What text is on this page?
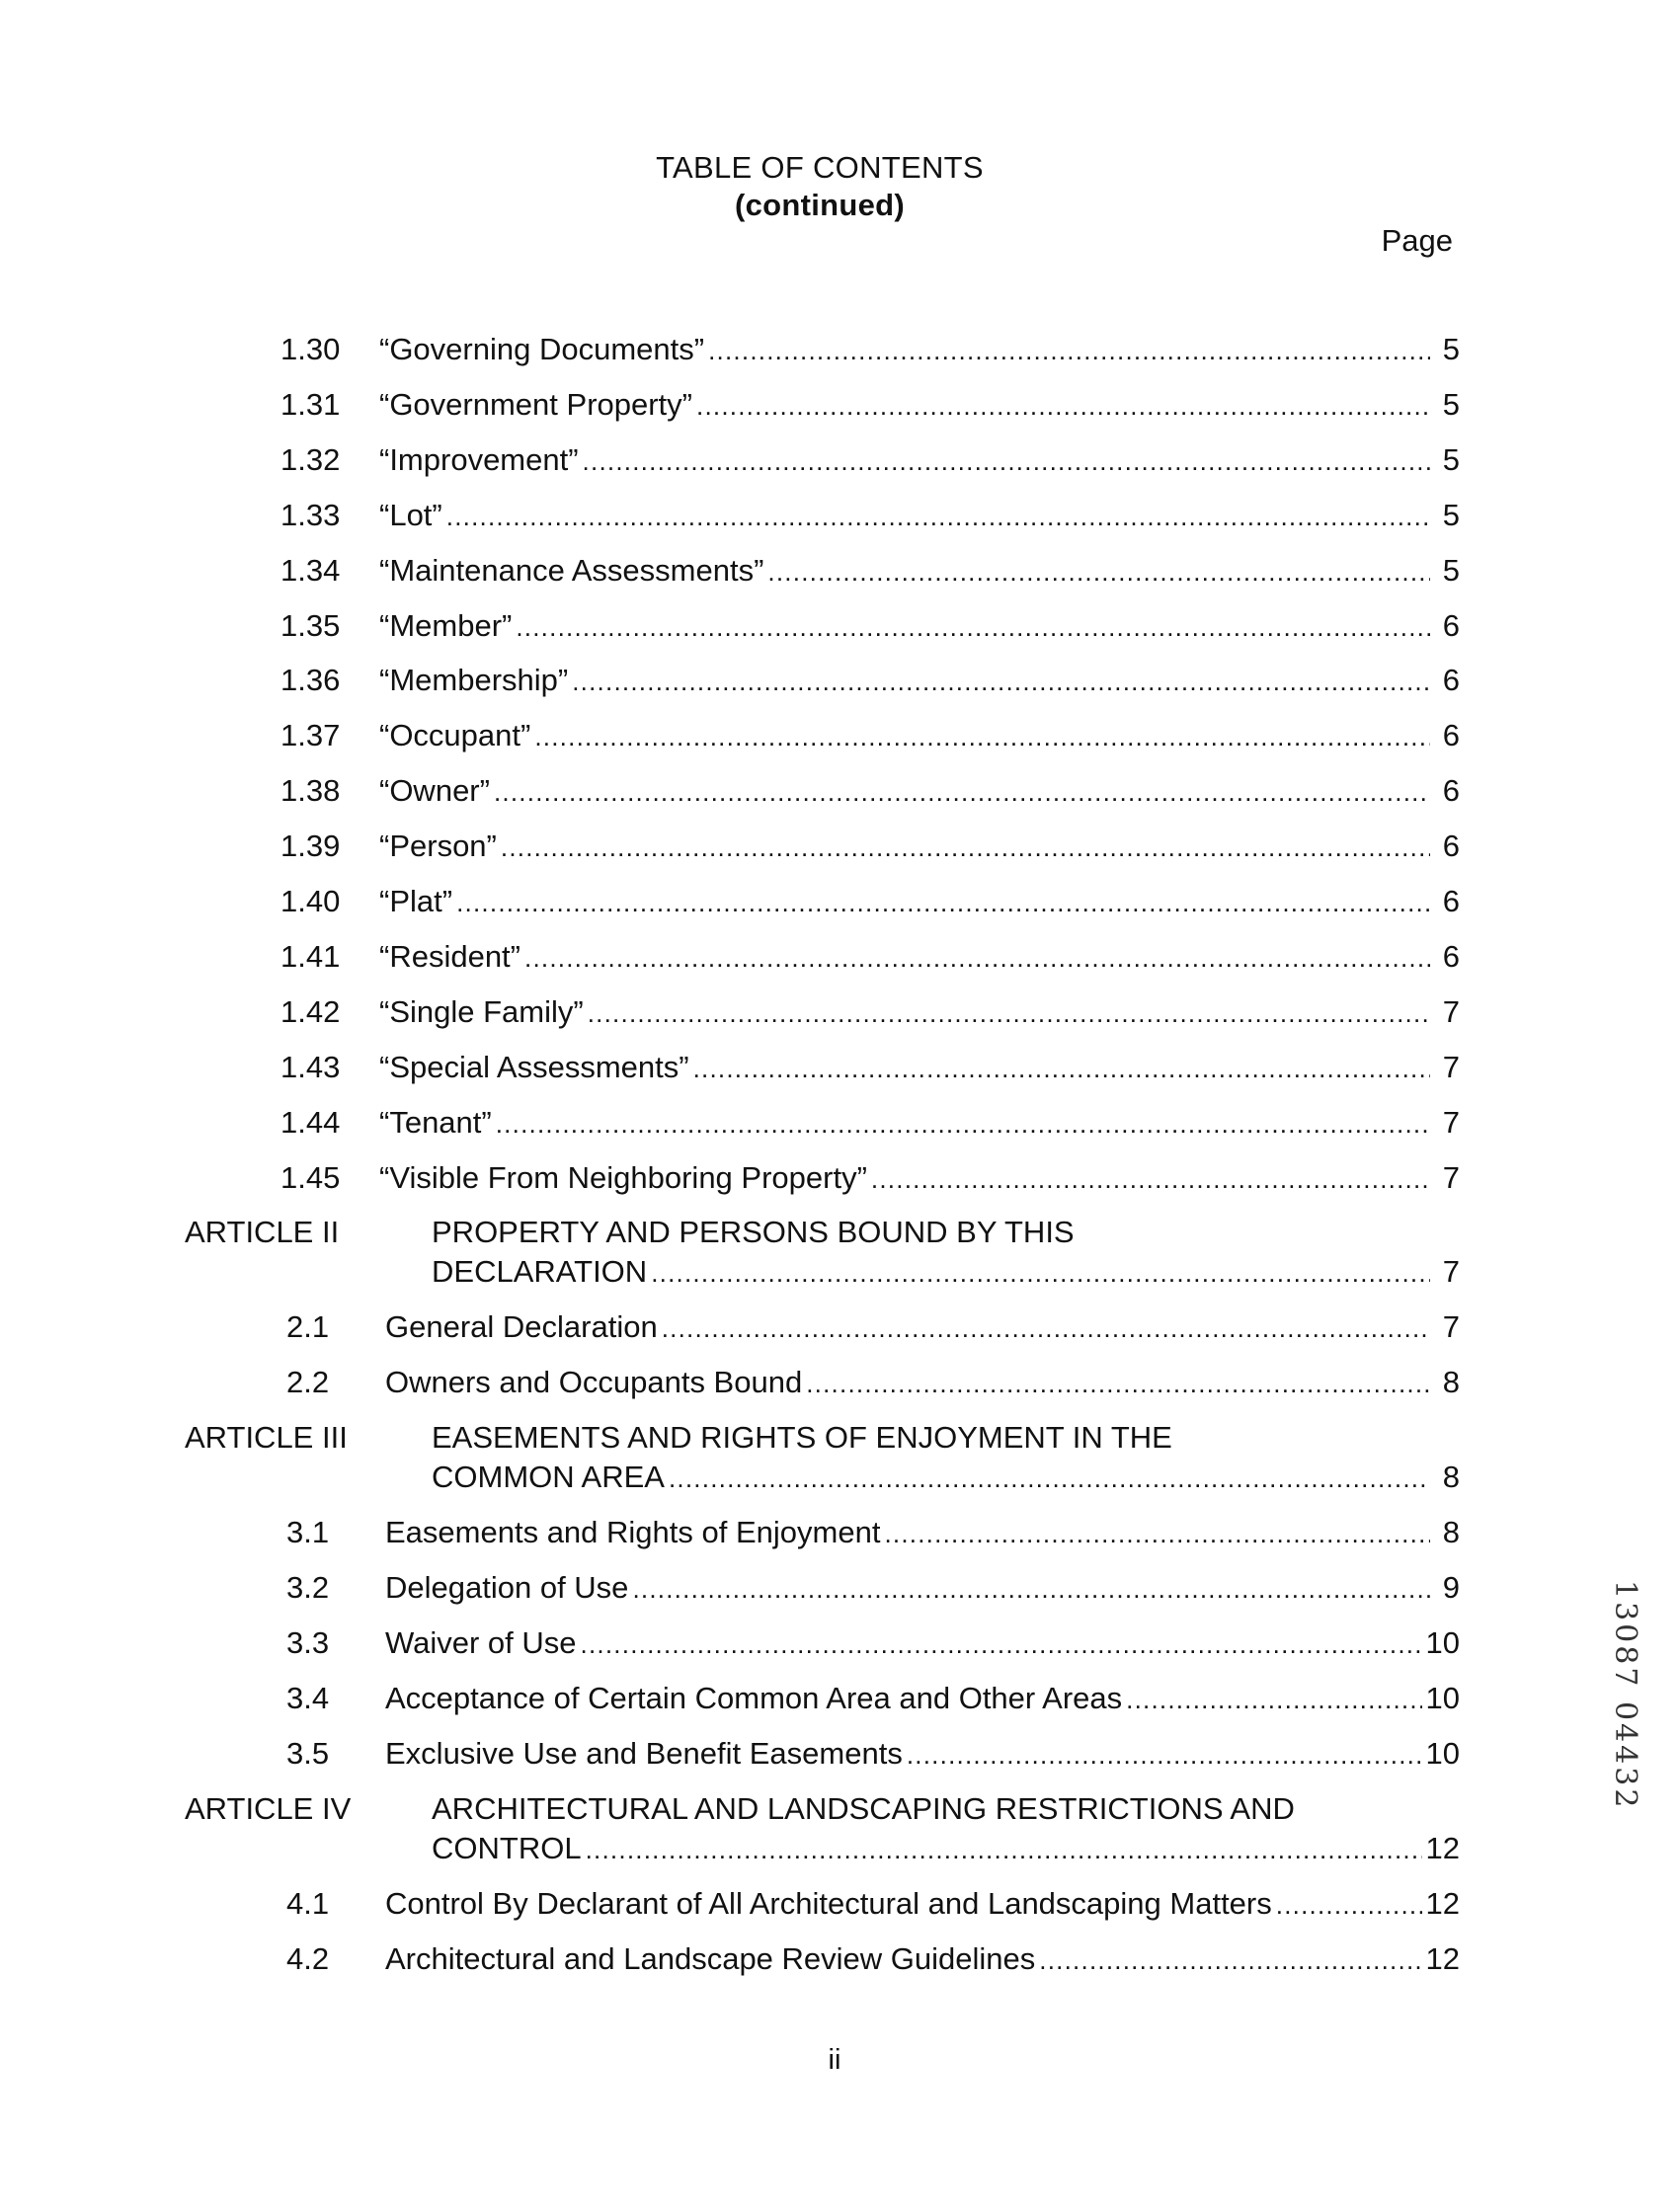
TABLE OF CONTENTS
(continued)
Page
1.30 “Governing Documents” . . .	5
1.31 “Government Property” . . .	5
1.32 “Improvement” . . .	5
1.33 “Lot” . . .	5
1.34 “Maintenance Assessments” . . .	5
1.35 “Member” . . .	6
1.36 “Membership” . . .	6
1.37 “Occupant” . . .	6
1.38 “Owner” . . .	6
1.39 “Person” . . .	6
1.40 “Plat” . . .	6
1.41 “Resident” . . .	6
1.42 “Single Family” . . .	7
1.43 “Special Assessments” . . .	7
1.44 “Tenant” . . .	7
1.45 “Visible From Neighboring Property” . . .	7
ARTICLE II	PROPERTY AND PERSONS BOUND BY THIS
DECLARATION . . .	7
2.1 General Declaration . . .	7
2.2 Owners and Occupants Bound . . .	8
ARTICLE III	EASEMENTS AND RIGHTS OF ENJOYMENT IN THE
COMMON AREA . . .	8
3.1 Easements and Rights of Enjoyment . . .	8
3.2 Delegation of Use . . .	9
3.3 Waiver of Use . . .	10
3.4 Acceptance of Certain Common Area and Other Areas . . .	10
3.5 Exclusive Use and Benefit Easements . . .	10
ARTICLE IV	ARCHITECTURAL AND LANDSCAPING RESTRICTIONS AND
CONTROL . . .	12
4.1 Control By Declarant of All Architectural and Landscaping Matters . . .	12
4.2 Architectural and Landscape Review Guidelines . . .	12
ii
13087 04432
